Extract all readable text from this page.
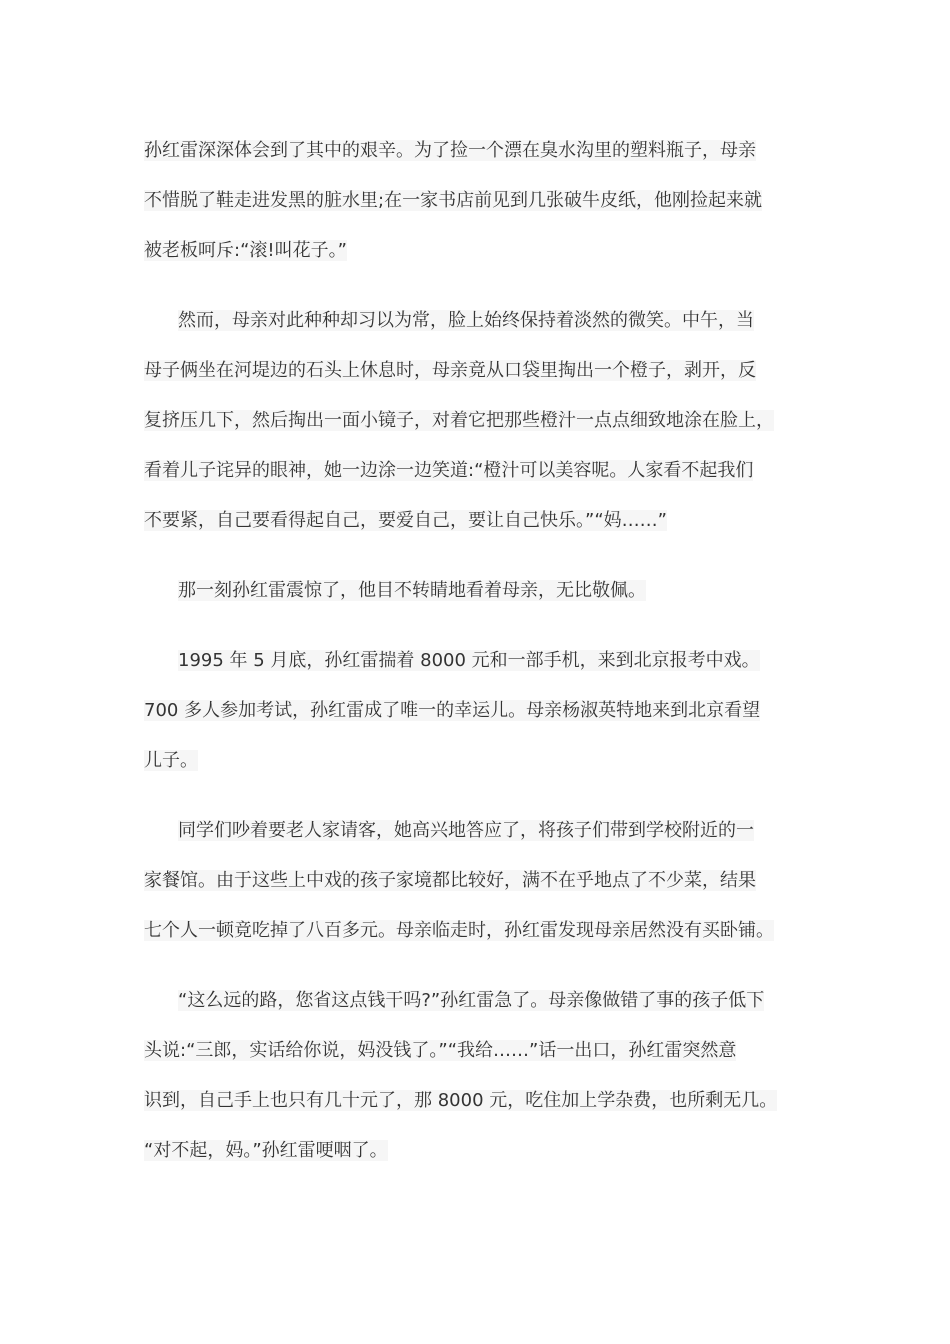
孙红雷深深体会到了其中的艰辛。为了捡一个漂在臭水沟里的塑料瓶子，母亲
不惜脱了鞋走进发黑的脏水里;在一家书店前见到几张破牛皮纸，他刚捡起来就
被老板呵斥:“滚!叫花子。”

然而，母亲对此种种却习以为常，脸上始终保持着淡然的微笑。中午，当
母子俩坐在河堤边的石头上休息时，母亲竟从口袋里掏出一个橙子，剥开，反
复挤压几下，然后掏出一面小镜子，对着它把那些橙汁一点点细致地涂在脸上，
看着儿子诧异的眼神，她一边涂一边笑道:“橙汁可以美容呢。人家看不起我们
不要紧，自己要看得起自己，要爱自己，要让自己快乐。”“妈……”

那一刻孙红雷震惊了，他目不转睛地看着母亲，无比敬佩。

1995 年 5 月底，孙红雷揣着 8000 元和一部手机，来到北京报考中戏。
700 多人参加考试，孙红雷成了唯一的幸运儿。母亲杨淑英特地来到北京看望
儿子。

同学们吵着要老人家请客，她高兴地答应了，将孩子们带到学校附近的一
家餐馆。由于这些上中戏的孩子家境都比较好，满不在乎地点了不少菜，结果
七个人一顿竟吃掉了八百多元。母亲临走时，孙红雷发现母亲居然没有买卧铺。

“这么远的路，您省这点钱干吗?”孙红雷急了。母亲像做错了事的孩子低下
头说:“三郎，实话给你说，妈没钱了。”“我给……”话一出口，孙红雷突然意
识到，自己手上也只有几十元了，那 8000 元，吃住加上学杂费，也所剩无几。
“对不起，妈。”孙红雷哽咽了。
